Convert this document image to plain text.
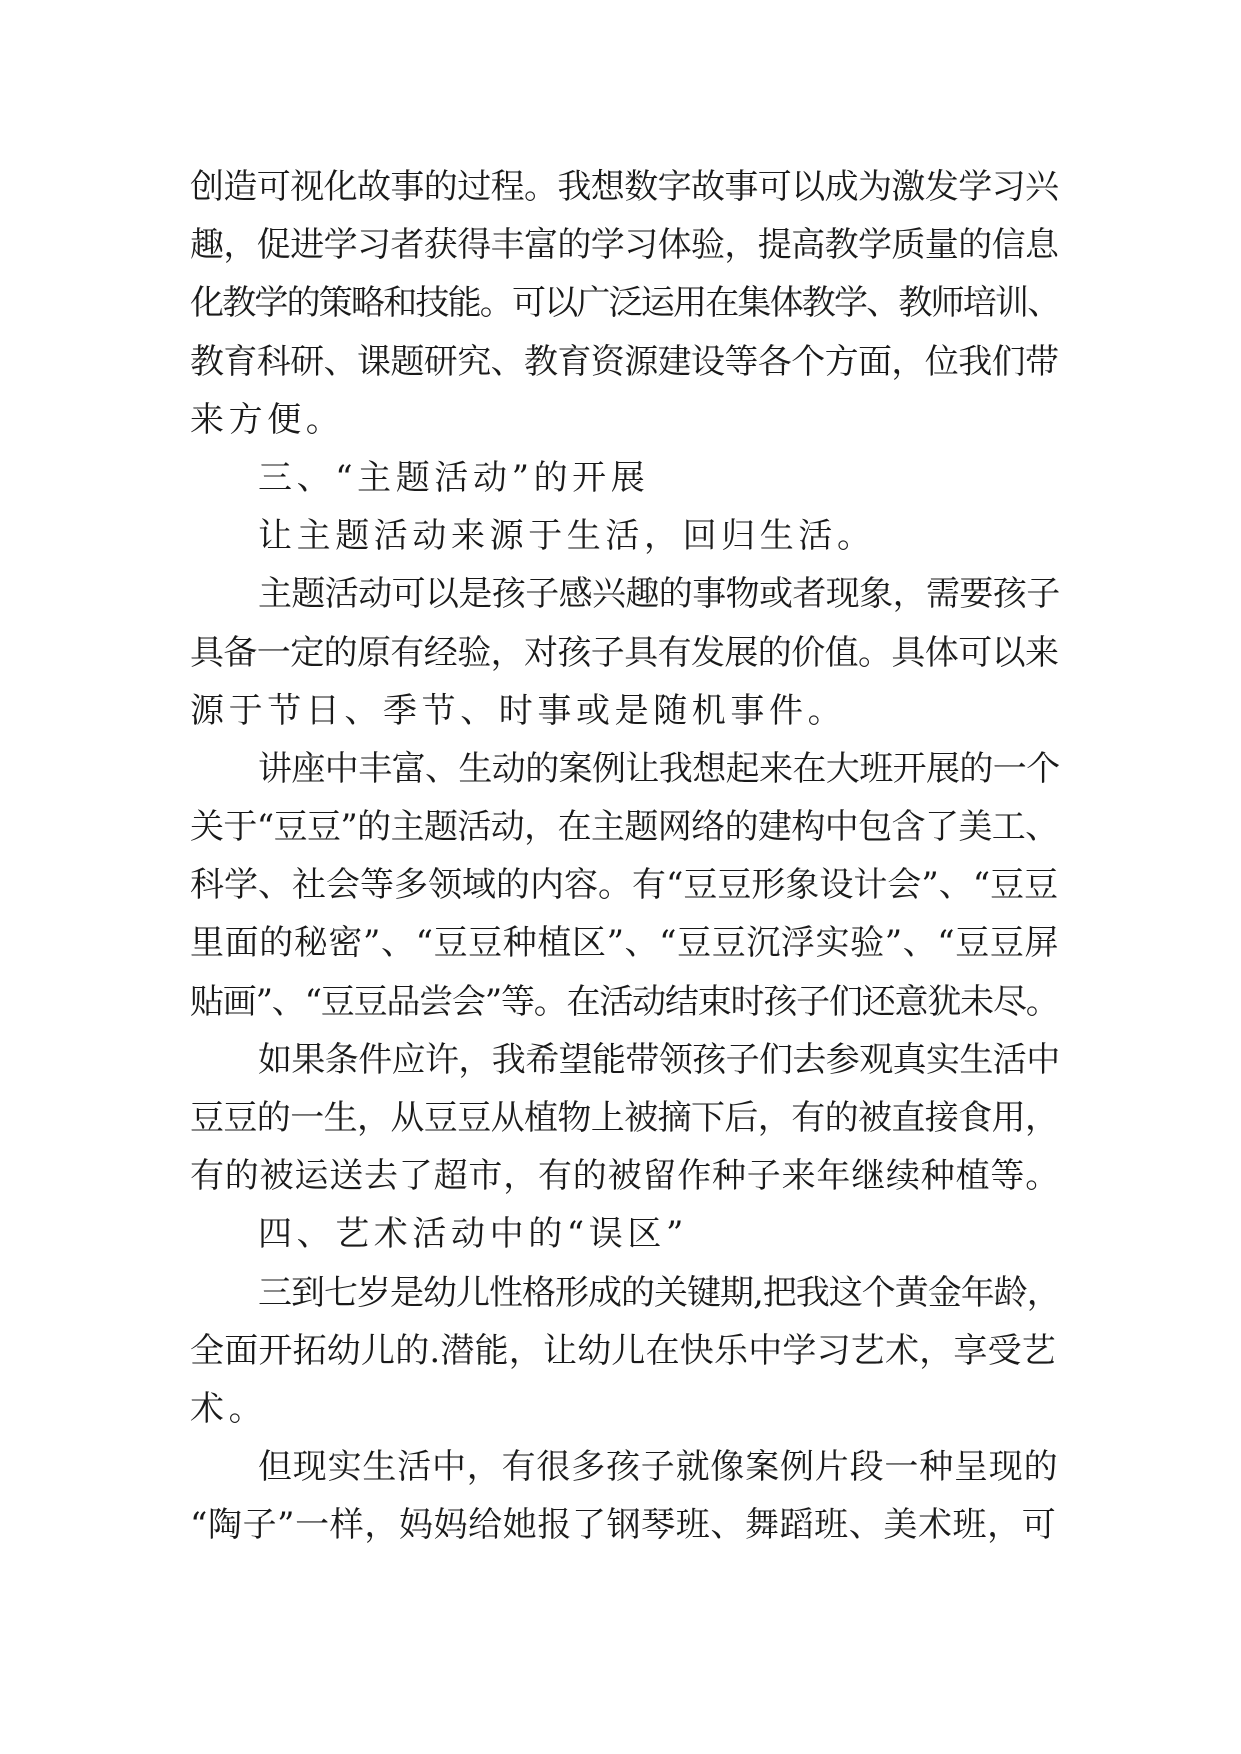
创造可视化故事的过程。我想数字故事可以成为激发学习兴
趣，促进学习者获得丰富的学习体验，提高教学质量的信息
化教学的策略和技能。可以广泛运用在集体教学、教师培训、
教育科研、课题研究、教育资源建设等各个方面，位我们带
来方便。
三、“主题活动”的开展
让主题活动来源于生活，回归生活。
主题活动可以是孩子感兴趣的事物或者现象，需要孩子
具备一定的原有经验，对孩子具有发展的价值。具体可以来
源于节日、季节、时事或是随机事件。
讲座中丰富、生动的案例让我想起来在大班开展的一个
关于“豆豆”的主题活动，在主题网络的建构中包含了美工、
科学、社会等多领域的内容。有“豆豆形象设计会”、“豆豆
里面的秘密”、“豆豆种植区”、“豆豆沉浮实验”、“豆豆屏
贴画”、“豆豆品尝会”等。在活动结束时孩子们还意犹未尽。
如果条件应许，我希望能带领孩子们去参观真实生活中
豆豆的一生，从豆豆从植物上被摘下后，有的被直接食用，
有的被运送去了超市，有的被留作种子来年继续种植等。
四、艺术活动中的“误区”
三到七岁是幼儿性格形成的关键期,把我这个黄金年龄，
全面开拓幼儿的.潜能，让幼儿在快乐中学习艺术，享受艺
术。
但现实生活中，有很多孩子就像案例片段一种呈现的
“陶子”一样，妈妈给她报了钢琴班、舞蹈班、美术班，可
